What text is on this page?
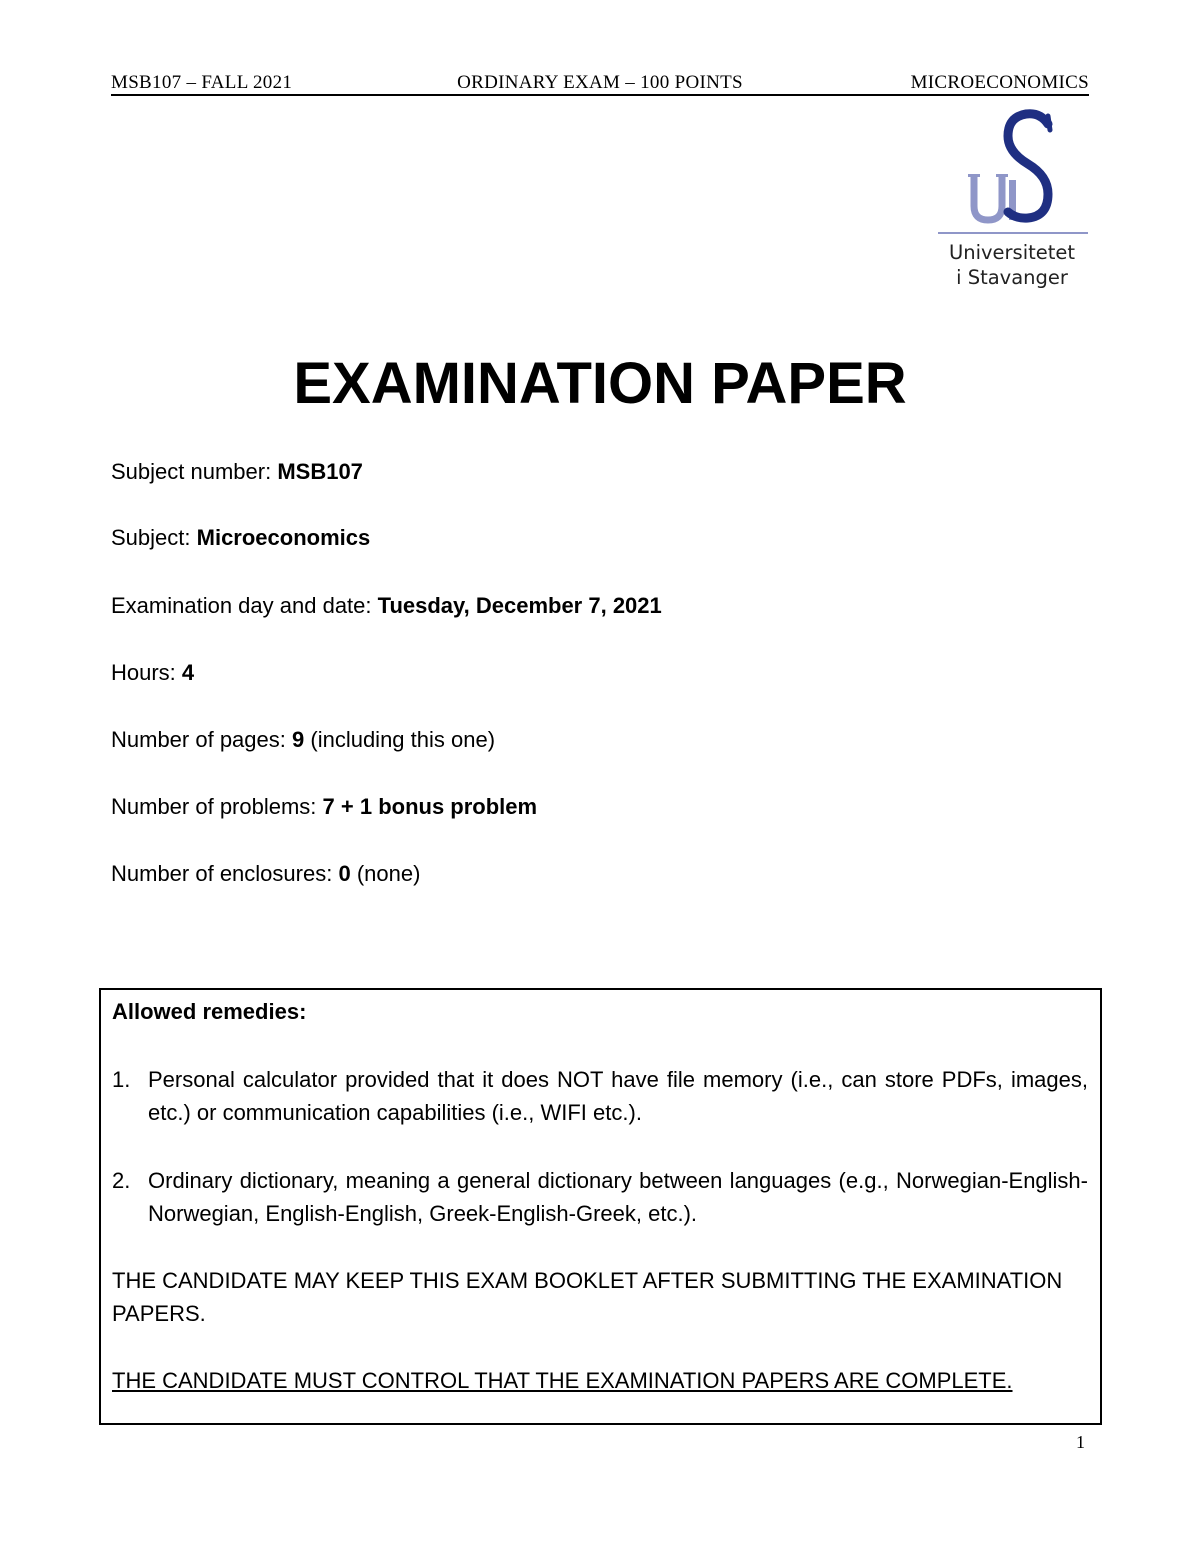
MSB107 – FALL 2021	ORDINARY EXAM – 100 POINTS	MICROECONOMICS
Universitetet
i Stavanger
EXAMINATION PAPER
Subject number: MSB107
Subject: Microeconomics
Examination day and date: Tuesday, December 7, 2021
Hours: 4
Number of pages: 9 (including this one)
Number of problems: 7 + 1 bonus problem
Number of enclosures: 0 (none)
Allowed remedies:
1. Personal calculator provided that it does NOT have file memory (i.e., can store PDFs, images, etc.) or communication capabilities (i.e., WIFI etc.).
2. Ordinary dictionary, meaning a general dictionary between languages (e.g., Norwegian-English-Norwegian, English-English, Greek-English-Greek, etc.).
THE CANDIDATE MAY KEEP THIS EXAM BOOKLET AFTER SUBMITTING THE EXAMINATION PAPERS.
THE CANDIDATE MUST CONTROL THAT THE EXAMINATION PAPERS ARE COMPLETE.
1
